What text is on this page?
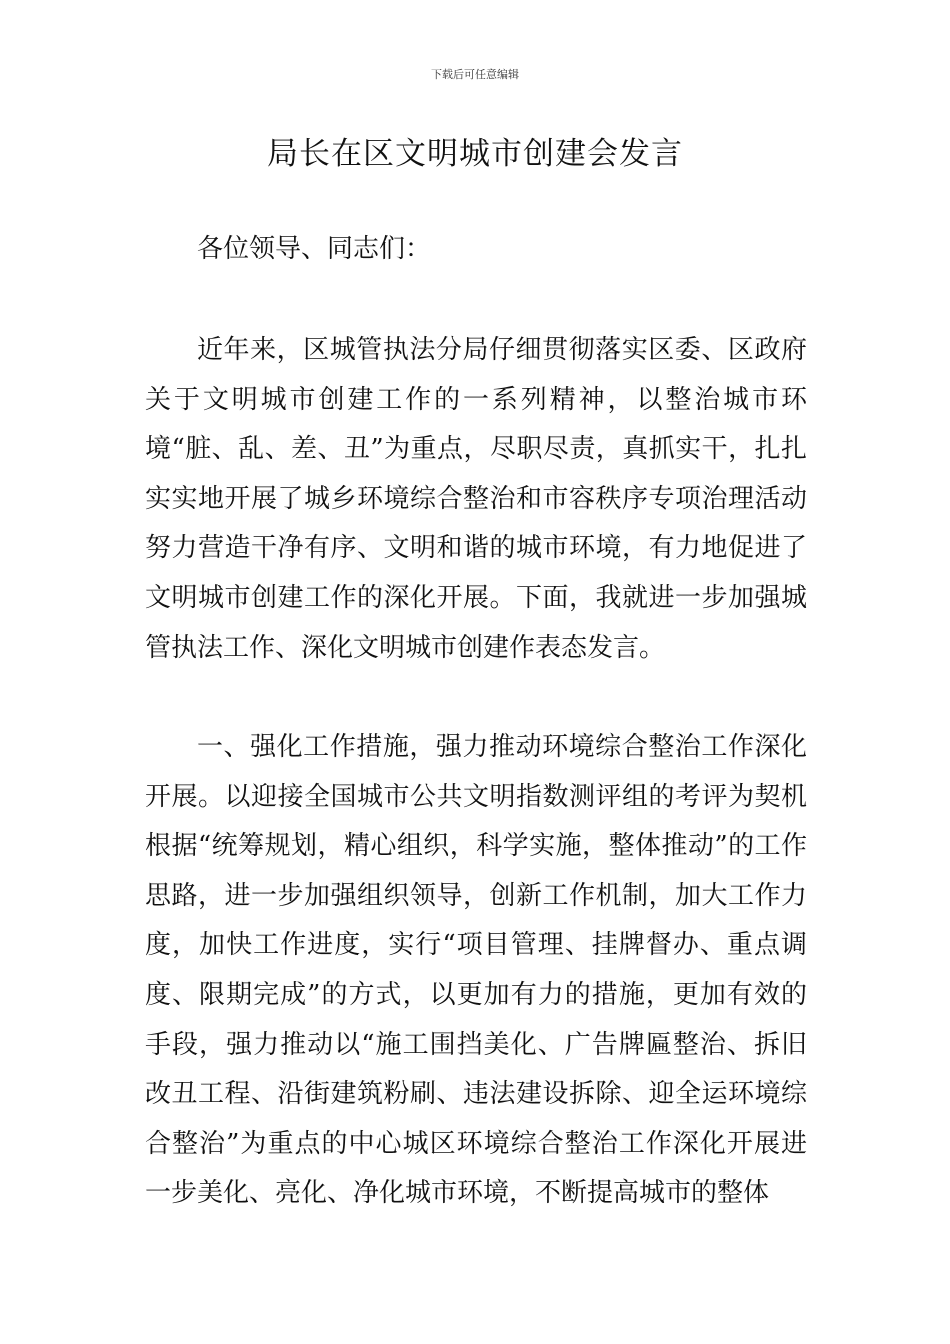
下载后可任意编辑
局长在区文明城市创建会发言

各位领导、同志们：

近年来，区城管执法分局仔细贯彻落实区委、区政府关于文明城市创建工作的一系列精神，以整治城市环境“脏、乱、差、丑”为重点，尽职尽责，真抓实干，扎扎实实地开展了城乡环境综合整治和市容秩序专项治理活动努力营造干净有序、文明和谐的城市环境，有力地促进了文明城市创建工作的深化开展。下面，我就进一步加强城管执法工作、深化文明城市创建作表态发言。

一、强化工作措施，强力推动环境综合整治工作深化开展。以迎接全国城市公共文明指数测评组的考评为契机根据“统筹规划，精心组织，科学实施，整体推动”的工作思路，进一步加强组织领导，创新工作机制，加大工作力度，加快工作进度，实行“项目管理、挂牌督办、重点调度、限期完成”的方式，以更加有力的措施，更加有效的手段，强力推动以“施工围挡美化、广告牌匾整治、拆旧改丑工程、沿街建筑粉刷、违法建设拆除、迎全运环境综合整治”为重点的中心城区环境综合整治工作深化开展进一步美化、亮化、净化城市环境，不断提高城市的整体
